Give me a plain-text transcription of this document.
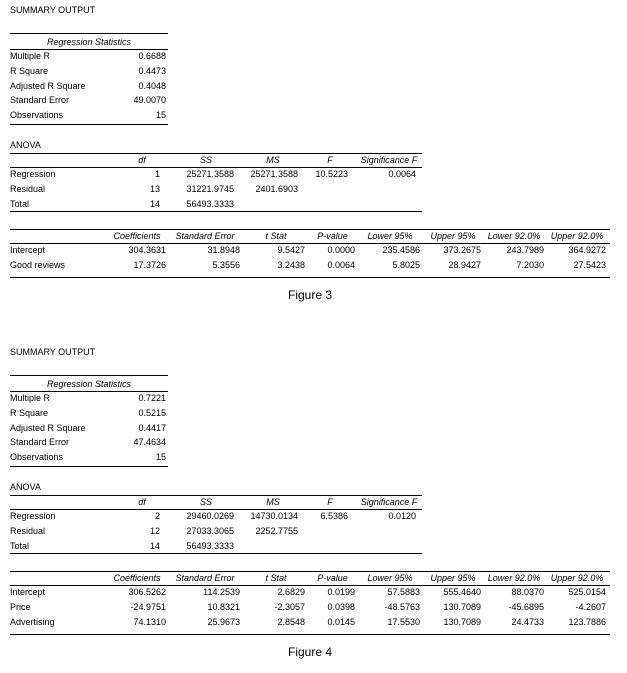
SUMMARY OUTPUT
Regression Statistics
Multiple R	0.6688
R Square	0.4473
Adjusted R Square	0.4048
Standard Error	49.0070
Observations	15
ANOVA
df	SS	MS	F	Significance F
Regression	1	25271.3588	25271.3588	10.5223	0.0064
Residual	13	31221.9745	2401.6903
Total	14	56493.3333
Coefficients	Standard Error	t Stat	P-value	Lower 95%	Upper 95%	Lower 92.0%	Upper 92.0%
Intercept	304.3631	31.8948	9.5427	0.0000	235.4586	373.2675	243.7989	364.9272
Good reviews	17.3726	5.3556	3.2438	0.0064	5.8025	28.9427	7.2030	27.5423
Figure 3
SUMMARY OUTPUT
Regression Statistics
Multiple R	0.7221
R Square	0.5215
Adjusted R Square	0.4417
Standard Error	47.4634
Observations	15
ANOVA
df	SS	MS	F	Significance F
Regression	2	29460.0269	14730.0134	6.5386	0.0120
Residual	12	27033.3065	2252.7755
Total	14	56493.3333
Coefficients	Standard Error	t Stat	P-value	Lower 95%	Upper 95%	Lower 92.0%	Upper 92.0%
Intercept	306.5262	114.2539	2.6829	0.0199	57.5883	555.4640	88.0370	525.0154
Price	-24.9751	10.8321	-2.3057	0.0398	-48.5763	130.7089	-45.6895	-4.2607
Advertising	74.1310	25.9673	2.8548	0.0145	17.5530	130.7089	24.4733	123.7886
Figure 4
